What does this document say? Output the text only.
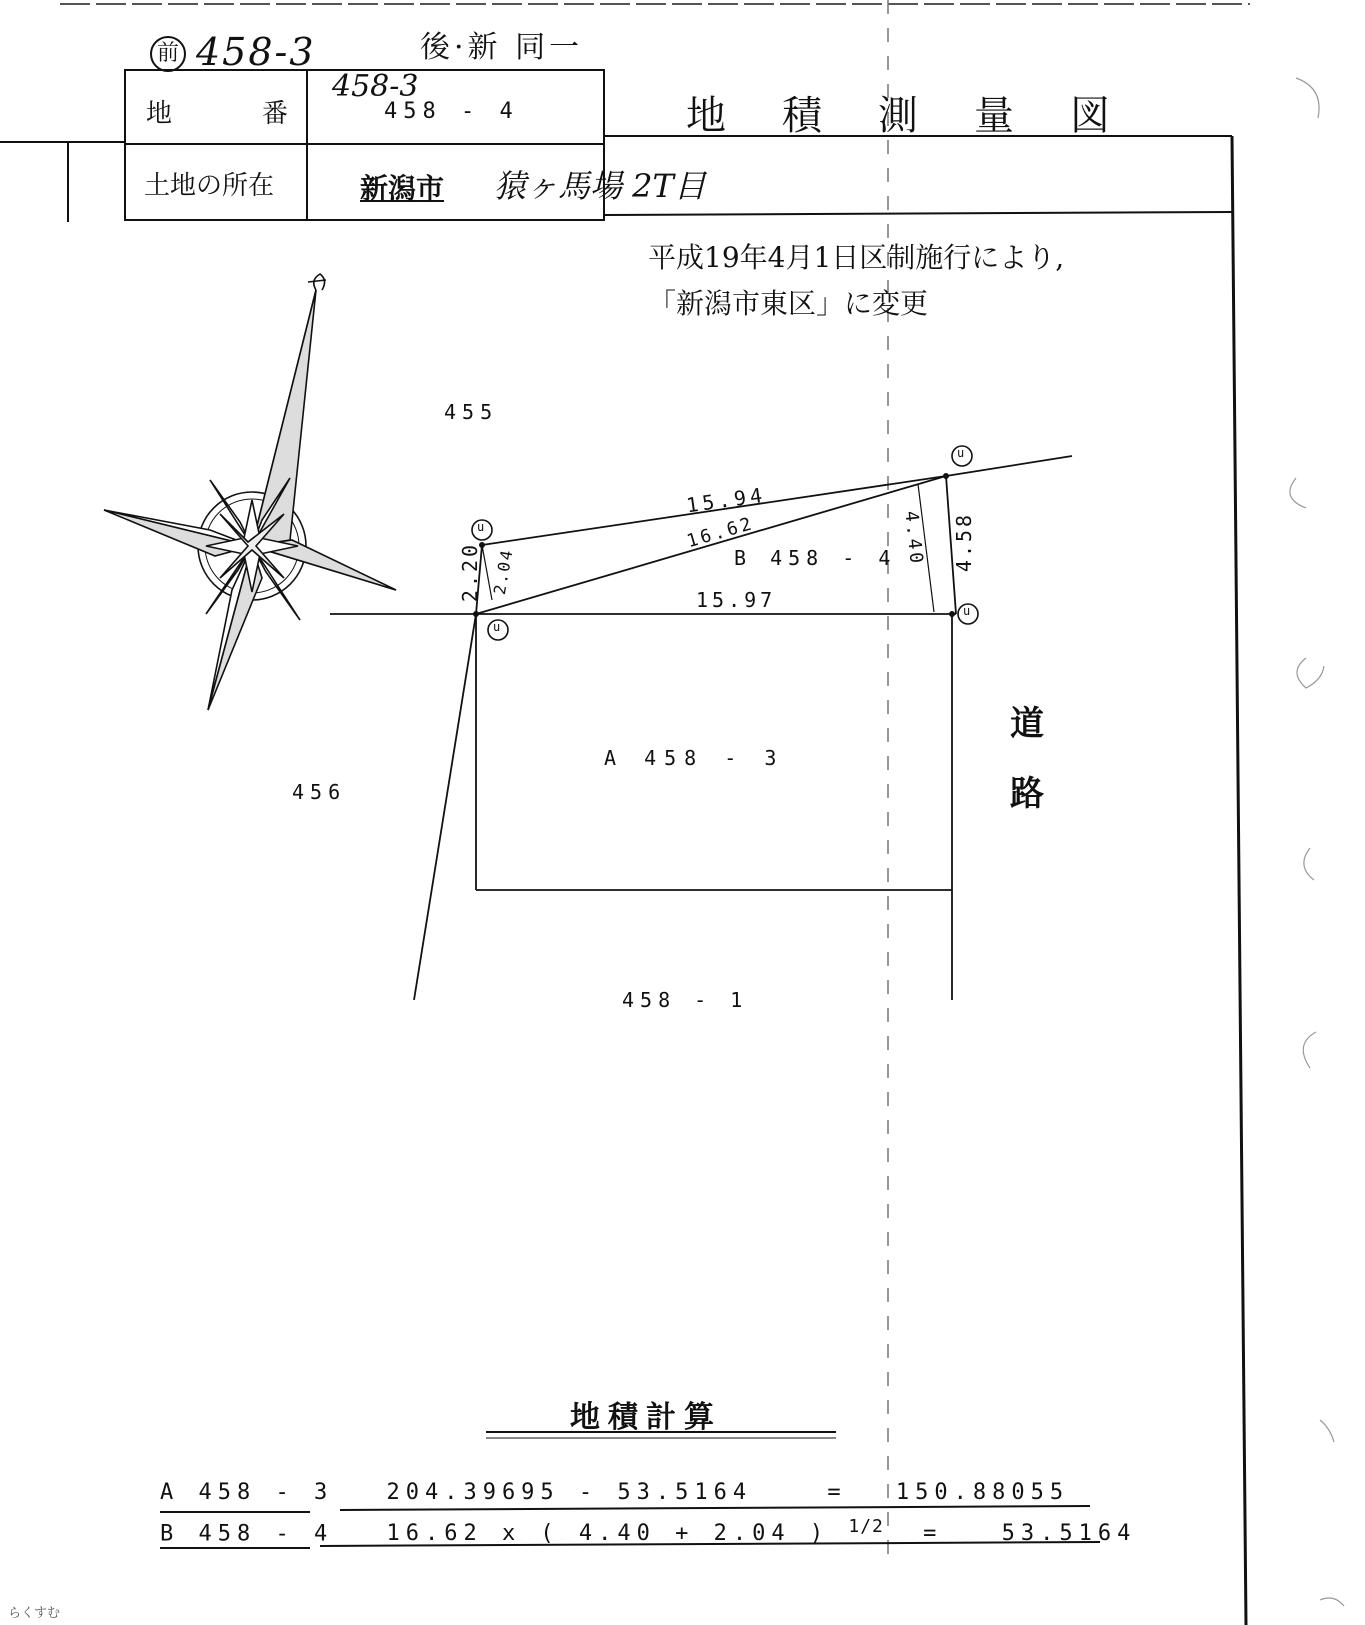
前 458-3	後·新 同一
地	番
458-3
458 - 4
土地の所在	新潟市 猿ヶ馬場 2T目
地　積　測　量　図
平成19年4月1日区制施行により,
「新潟市東区」に変更
455
456
458 - 1
A 458 - 3
B 458 - 4
道
路
15.94
16.62
15.97
2.20 2.04
4.40 4.58
u
u
u
u
地積計算
A 458 - 3 204.39695 - 53.5164	= 150.88055
B 458 - 4 16.62 x ( 4.40 + 2.04 ) $^{1/2}$ =	53.5164
らくすむ
